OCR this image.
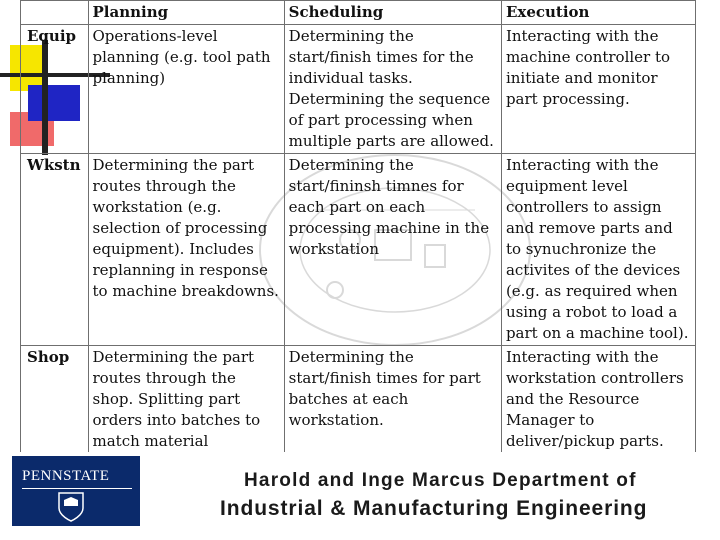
	Planning	Scheduling	Execution
Equip	Operations-level planning (e.g. tool path planning)	Determining the start/finish times for the individual tasks. Determining the sequence of part processing when multiple parts are allowed.	Interacting with the machine controller to initiate and monitor part processing.
Wkstn	Determining the part routes through the workstation (e.g. selection of processing equipment). Includes replanning in response to machine breakdowns.	Determining the start/fininsh timnes for each part on each processing machine in the workstation	Interacting with the equipment level controllers to assign and remove parts and to synuchronize the activites of the devices (e.g. as required when using a robot to load a part on a machine tool).
Shop	Determining the part routes through the shop. Splitting part orders into batches to match material	Determining the start/finish times for part batches at each workstation.	Interacting with the workstation controllers and the Resource Manager to deliver/pickup parts.
PENNSTATE	Harold and Inge Marcus Department of
Industrial & Manufacturing Engineering
